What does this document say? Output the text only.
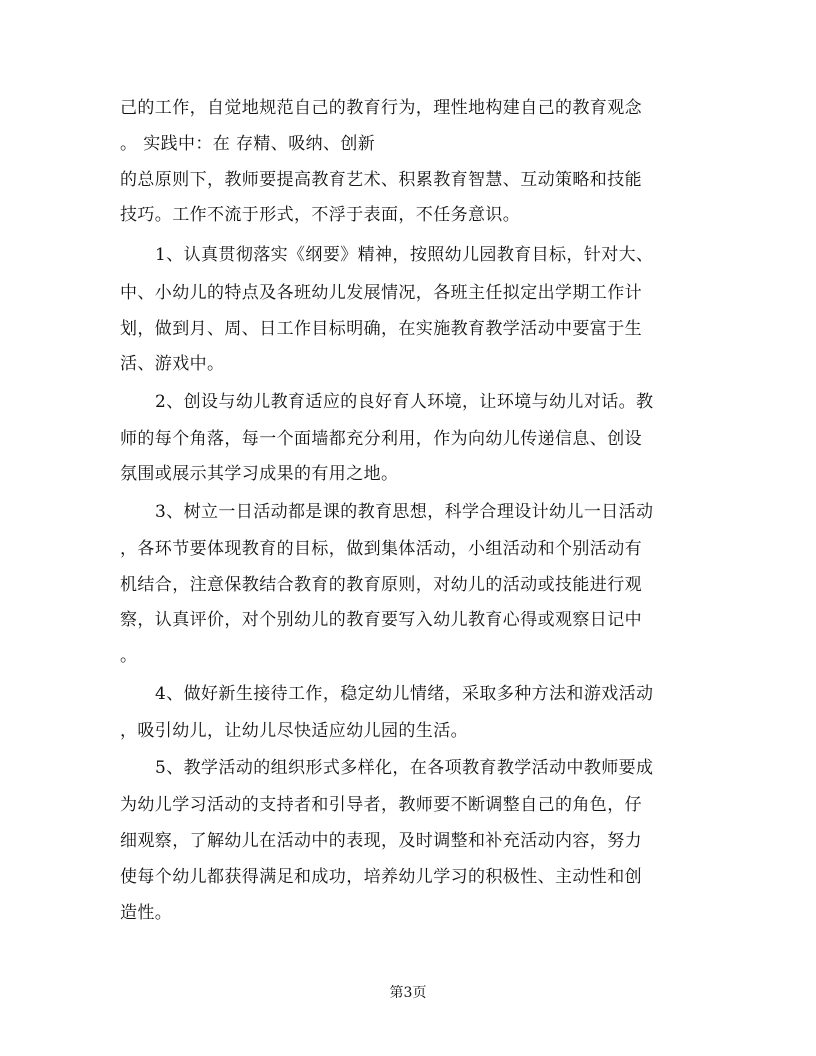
己的工作，自觉地规范自己的教育行为，理性地构建自己的教育观念
。 实践中：在 存精、吸纳、创新
的总原则下，教师要提高教育艺术、积累教育智慧、互动策略和技能
技巧。工作不流于形式，不浮于表面，不任务意识。
1、认真贯彻落实《纲要》精神，按照幼儿园教育目标，针对大、
中、小幼儿的特点及各班幼儿发展情况，各班主任拟定出学期工作计
划，做到月、周、日工作目标明确，在实施教育教学活动中要富于生
活、游戏中。
2、创设与幼儿教育适应的良好育人环境，让环境与幼儿对话。教
师的每个角落，每一个面墙都充分利用，作为向幼儿传递信息、创设
氛围或展示其学习成果的有用之地。
3、树立一日活动都是课的教育思想，科学合理设计幼儿一日活动
，各环节要体现教育的目标，做到集体活动，小组活动和个别活动有
机结合，注意保教结合教育的教育原则，对幼儿的活动或技能进行观
察，认真评价，对个别幼儿的教育要写入幼儿教育心得或观察日记中
。
4、做好新生接待工作，稳定幼儿情绪，采取多种方法和游戏活动
，吸引幼儿，让幼儿尽快适应幼儿园的生活。
5、教学活动的组织形式多样化，在各项教育教学活动中教师要成
为幼儿学习活动的支持者和引导者，教师要不断调整自己的角色，仔
细观察，了解幼儿在活动中的表现，及时调整和补充活动内容，努力
使每个幼儿都获得满足和成功，培养幼儿学习的积极性、主动性和创
造性。
第3页
